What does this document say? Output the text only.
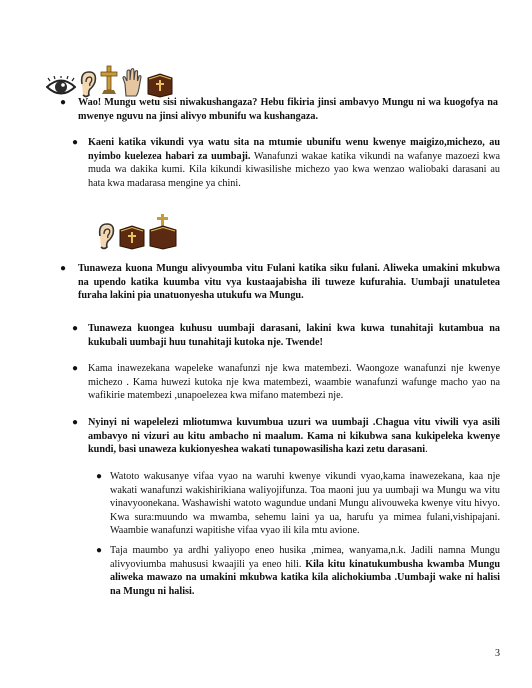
● Wao! Mungu wetu sisi niwakushangaza? Hebu fikiria jinsi ambavyo Mungu ni wa kuogofya na mwenye nguvu na jinsi alivyo mbunifu wa kushangaza.
● Kaeni katika vikundi vya watu sita na mtumie ubunifu wenu kwenye maigizo,michezo, au nyimbo kuelezea habari za uumbaji. Wanafunzi wakae katika vikundi na wafanye mazoezi kwa muda wa dakika kumi. Kila kikundi kiwasilishe michezo yao kwa wenzao waliobaki darasani au hata kwa madarasa mengine ya chini.
● Tunaweza kuona Mungu alivyoumba vitu Fulani katika siku fulani. Aliweka umakini mkubwa na upendo katika kuumba vitu vya kustaajabisha ili tuweze kufurahia. Uumbaji unatuletea furaha lakini pia unatuonyesha utukufu wa Mungu.
● Tunaweza kuongea kuhusu uumbaji darasani, lakini kwa kuwa tunahitaji kutambua na kukubali uumbaji huu tunahitaji kutoka nje. Twende!
● Kama inawezekana wapeleke wanafunzi nje kwa matembezi. Waongoze wanafunzi nje kwenye michezo . Kama huwezi kutoka nje kwa matembezi, waambie wanafunzi wafunge macho yao na wafikirie matembezi ,unapoelezea kwa mifano matembezi nje.
● Nyinyi ni wapelelezi mliotumwa kuvumbua uzuri wa uumbaji .Chagua vitu viwili vya asili ambavyo ni vizuri au kitu ambacho ni maalum. Kama ni kikubwa sana kukipeleka kwenye kundi, basi unaweza kukionyeshea wakati tunapowasilisha kazi zetu darasani.
● Watoto wakusanye vifaa vyao na waruhi kwenye vikundi vyao,kama inawezekana, kaa nje wakati wanafunzi wakishirikiana waliyojifunza. Toa maoni juu ya uumbaji wa Mungu wa vitu vinavyoonekana. Washawishi watoto wagundue undani Mungu alivouweka kwenye vitu hivyo. Kwa sura:muundo wa mwamba, sehemu laini ya ua, harufu ya mimea fulani,vishipajani. Waambie wanafunzi wapitishe vifaa vyao ili kila mtu avione.
● Taja maumbo ya ardhi yaliyopo eneo husika ,mimea, wanyama,n.k. Jadili namna Mungu alivyoviumba mahususi kwaajili ya eneo hili. Kila kitu kinatukumbusha kwamba Mungu aliweka mawazo na umakini mkubwa katika kila alichokiumba .Uumbaji wake ni halisi na Mungu ni halisi.
3
